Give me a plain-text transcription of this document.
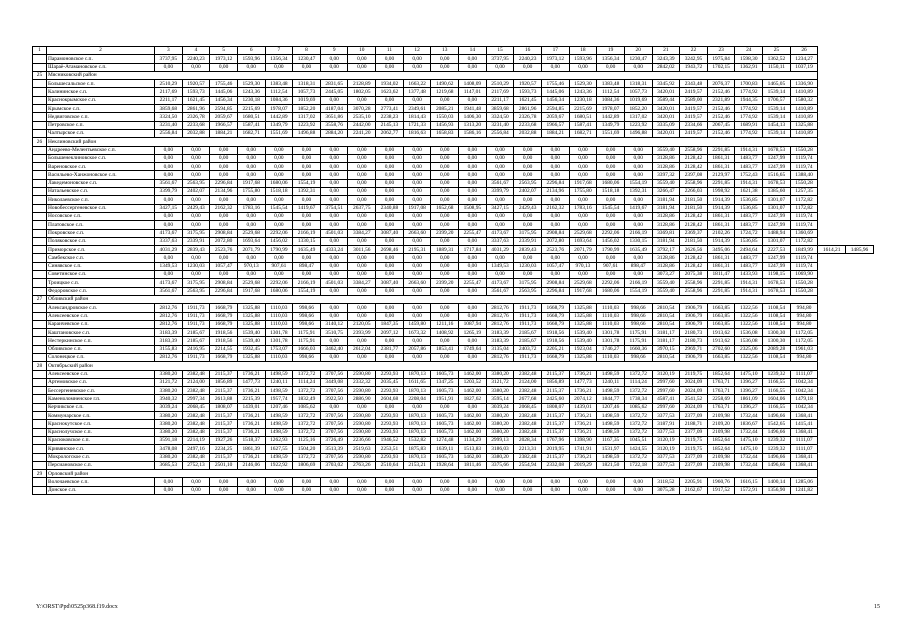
1	2	3	4	5	6	7	8	9	10	11	12	13	14	15	16	17	18	19	20	21	22	23	24	25	26		
	Парамоновское с.п.	3737,95	2240,23	1973,12	1593,96	1356,34	1230,47	0,00	0,00	0,00	0,00	0,00	0,00	3737,95	2240,23	1973,12	1593,96	1356,34	1230,47	3243,39	3242,95	1975,84	1598,30	1362,52	1234,27		
	Шараё-Атамановское с.п.	0,00	0,00	0,00	0,00	0,00	0,00	0,00	0,00	0,00	0,00	0,00	0,00	0,00	0,00	0,00	0,00	0,00	0,00	2842,02	1943,72	1702,15	1362,91	1150,11	1037,19		
25	Мясниковский район																										
	Большесальское с.п.	2510,29	1920,57	1755,46	1529,30	1383,48	1318,31	2831,65	2128,89	1934,02	1663,22	1490,62	1408,09	2510,29	1920,57	1755,46	1529,30	1383,48	1318,31	3345,92	2343,48	2076,37	1700,83	1465,05	1336,90		
	Калининское с.п.	2117,69	1593,73	1445,06	1243,36	1112,54	1057,73	2445,05	1802,05	1623,62	1377,48	1219,68	1147,01	2117,69	1593,73	1445,06	1243,36	1112,54	1057,73	3420,01	2419,57	2152,46	1774,92	1539,14	1410,89		
	Краснокрымское с.п.	2211,17	1621,45	1456,34	1230,18	1084,36	1019,69	0,00	0,00	0,00	0,00	0,00	0,00	2211,17	1621,45	1456,34	1230,18	1084,36	1019,69	3589,44	2589,00	2321,89	1944,35	1706,57	1580,32		
	Крымское с.п.	3859,68	2861,96	2594,85	2215,69	1978,07	1852,20	4187,04	3070,28	2773,41	2349,61	2085,21	1941,48	3859,68	2861,96	2594,85	2215,69	1978,07	1852,20	3420,01	2419,57	2152,46	1774,92	1539,14	1410,89		
	Недвиговское с.п.	3324,50	2326,78	2059,67	1680,51	1442,89	1317,02	3651,86	2535,10	2238,23	1814,43	1550,03	1406,30	3324,50	2326,78	2059,67	1680,51	1442,89	1317,02	3420,01	2419,57	2152,46	1774,92	1539,14	1410,89		
	Петровское с.п.	3231,40	2233,68	1966,57	1587,41	1349,79	1223,92	3558,76	2442,00	2145,13	1721,33	1456,93	1313,20	3231,40	2233,68	1966,57	1587,41	1349,79	1223,92	3335,09	2334,66	2067,45	1689,91	1454,13	1325,88		
	Чалтырское с.п.	2556,84	2032,88	1884,21	1682,71	1551,69	1496,88	2884,20	2241,20	2062,77	1816,63	1658,83	1586,16	2556,84	2032,88	1884,21	1682,71	1551,69	1496,88	3420,01	2419,57	2152,46	1774,92	1539,14	1410,89		
26	Неклиновский район																										
	Андреево-Мелентьевское с.п.	0,00	0,00	0,00	0,00	0,00	0,00	0,00	0,00	0,00	0,00	0,00	0,00	0,00	0,00	0,00	0,00	0,00	0,00	3559,40	2558,96	2291,85	1914,31	1678,53	1550,28		
	Большенеклиновское с.п.	0,00	0,00	0,00	0,00	0,00	0,00	0,00	0,00	0,00	0,00	0,00	0,00	0,00	0,00	0,00	0,00	0,00	0,00	3128,86	2128,42	1861,31	1483,77	1247,99	1119,74		
	Вареновское с.п.	0,00	0,00	0,00	0,00	0,00	0,00	0,00	0,00	0,00	0,00	0,00	0,00	0,00	0,00	0,00	0,00	0,00	0,00	3128,86	2128,42	1861,31	1483,77	1247,99	1119,74		
	Васильево-Ханжоновское с.п.	0,00	0,00	0,00	0,00	0,00	0,00	0,00	0,00	0,00	0,00	0,00	0,00	0,00	0,00	0,00	0,00	0,00	0,00	3397,32	2397,08	2129,97	1752,43	1516,65	1388,40		
	Лакедемоновское с.п.	3561,67	2563,95	2296,84	1917,68	1680,06	1554,19	0,00	0,00	0,00	0,00	0,00	0,00	3561,67	2563,95	2296,84	1917,68	1680,06	1554,19	3559,40	2558,96	2291,85	1914,31	1678,53	1550,28		
	Натальевское с.п.	3399,79	2402,07	2134,96	1755,80	1518,18	1392,31	0,00	0,00	0,00	0,00	0,00	0,00	3399,79	2402,07	2134,96	1755,80	1518,18	1392,31	3266,47	2266,03	1998,92	1621,38	1385,60	1257,35		
	Николаевское с.п.	0,00	0,00	0,00	0,00	0,00	0,00	0,00	0,00	0,00	0,00	0,00	0,00	0,00	0,00	0,00	0,00	0,00	0,00	3181,94	2181,50	1914,39	1536,85	1301,07	1172,82		
	Новобессергеневское с.п.	3427,15	2429,43	2162,32	1783,16	1545,54	1419,67	3754,51	2637,75	2340,88	1917,08	1652,68	1508,95	3427,15	2429,43	2162,32	1783,16	1545,54	1419,67	3181,94	2181,50	1914,39	1536,85	1301,07	1172,82		
	Носовское с.п.	0,00	0,00	0,00	0,00	0,00	0,00	0,00	0,00	0,00	0,00	0,00	0,00	0,00	0,00	0,00	0,00	0,00	0,00	3128,86	2128,42	1861,31	1483,77	1247,99	1119,74		
	Платовское с.п.	0,00	0,00	0,00	0,00	0,00	0,00	0,00	0,00	0,00	0,00	0,00	0,00	0,00	0,00	0,00	0,00	0,00	0,00	3128,86	2128,42	1861,31	1483,77	1247,99	1119,74		
	Покровское с.п.	4173,67	3175,95	2908,84	2529,68	2292,06	2166,19	4501,03	3384,27	3087,40	2663,60	2399,20	2255,47	4173,67	3175,95	2908,84	2529,68	2292,06	2166,19	3369,81	2369,37	2102,26	1724,72	1488,94	1360,69		
	Поляковское с.п.	3337,63	2339,91	2072,80	1693,64	1456,02	1330,15	0,00	0,00	0,00	0,00	0,00	0,00	3337,63	2339,91	2072,80	1693,64	1456,02	1330,15	3181,94	2181,50	1914,39	1536,85	1301,07	1172,82		
	Приморское с.п.	4031,29	2839,43	2523,76	2071,79	1790,99	1635,49	4333,24	3011,56	2698,46	2195,31	1889,31	1717,84	4031,29	2839,43	2523,76	2071,79	1790,99	1635,49	3792,17	2626,56	3495,06	2494,64	2227,53	1849,99	1614,21	1485,96
	Самбекское с.п.	0,00	0,00	0,00	0,00	0,00	0,00	0,00	0,00	0,00	0,00	0,00	0,00	0,00	0,00	0,00	0,00	0,00	0,00	3128,86	2128,42	1861,31	1483,77	1247,99	1119,74		
	Синявское с.п.	1349,53	1230,03	1057,47	970,13	907,61	898,47	0,00	0,00	0,00	0,00	0,00	0,00	1349,53	1230,03	1057,47	970,13	907,61	898,47	3128,86	2128,42	1861,31	1483,77	1247,99	1119,74		
	Советинское с.п.	0,00	0,00	0,00	0,00	0,00	0,00	0,00	0,00	0,00	0,00	0,00	0,00	0,00	0,00	0,00	0,00	0,00	0,00	3073,27	2075,38	1811,47	1433,93	1198,15	1069,90		
	Троицкое с.п.	4173,67	3175,95	2908,84	2529,68	2292,06	2166,19	4501,03	3384,27	3087,40	2663,60	2399,20	2255,47	4173,67	3175,95	2908,84	2529,68	2292,06	2166,19	3559,40	2558,96	2291,85	1914,31	1678,53	1550,28		
	Федоровское с.п.	3561,67	2563,95	2296,84	1917,68	1680,06	1554,19	0,00	0,00	0,00	0,00	0,00	0,00	3561,67	2563,95	2296,84	1917,68	1680,06	1554,19	3559,40	2558,96	2291,85	1914,31	1678,53	1550,28		
27	Обливский район																										
	Александровское с.п.	2812,76	1911,73	1668,79	1325,88	1110,03	998,66	0,00	0,00	0,00	0,00	0,00	0,00	2812,76	1911,73	1668,79	1325,88	1110,03	998,66	2810,54	1906,79	1663,85	1322,56	1108,54	994,80		
	Алексеевское с.п.	2812,76	1911,73	1668,79	1325,88	1110,03	998,66	0,00	0,00	0,00	0,00	0,00	0,00	2812,76	1911,73	1668,79	1325,88	1110,03	998,66	2810,54	1906,79	1663,85	1322,56	1108,54	994,80		
	Караичевское с.п.	2812,76	1911,73	1668,79	1325,88	1110,03	998,66	3140,12	2120,05	1847,35	1459,80	1211,16	1087,94	2812,76	1911,73	1668,79	1325,88	1110,03	998,66	2810,54	1906,79	1663,85	1322,56	1108,54	994,80		
	Каштановское с.п.	3183,39	2185,67	1918,56	1539,40	1301,78	1175,91	3510,75	2393,99	2097,12	1673,32	1408,92	1265,19	3183,39	2185,67	1918,56	1539,40	1301,78	1175,91	3181,17	2180,73	1913,62	1536,08	1300,30	1172,05		
	Нестеркинское с.п.	3183,39	2185,67	1918,56	1539,40	1301,78	1175,91	0,00	0,00	0,00	0,00	0,00	0,00	3183,39	2185,67	1918,56	1539,40	1301,78	1175,91	3181,17	2180,73	1913,62	1536,08	1300,30	1172,05		
	Обливское с.п.	3155,83	2416,95	2214,55	1932,45	1753,07	1666,03	3462,40	2612,04	2381,77	2057,86	1853,41	1749,64	3135,04	2403,72	2205,21	1923,04	1746,27	1660,36	3970,15	2969,71	2702,60	2325,06	2089,28	1961,03		
	Солонецкое с.п.	2812,76	1911,73	1668,79	1325,88	1110,03	998,66	0,00	0,00	0,00	0,00	0,00	0,00	2812,76	1911,73	1668,79	1325,88	1110,03	998,66	2810,54	1906,79	1663,85	1322,56	1108,54	994,80		
28	Октябрьский район																										
	Алексеевское с.п.	3380,20	2382,48	2115,37	1736,21	1498,59	1372,72	3707,56	2590,80	2293,93	1870,13	1605,73	1462,00	3380,20	2382,48	2115,37	1736,21	1498,59	1372,72	3120,19	2119,75	1852,64	1475,10	1239,32	1111,07		
	Артемовское с.п.	3121,72	2124,00	1856,89	1477,73	1240,11	1114,24	3449,08	2332,32	2035,45	1611,65	1347,25	1203,52	3121,72	2124,00	1856,89	1477,73	1240,11	1114,24	2997,60	2024,09	1763,71	1396,27	1166,55	1042,34		
	Бессергеневское с.п.	3380,20	2382,48	2115,37	1736,21	1498,59	1372,72	3707,56	2590,80	2293,93	1870,13	1605,73	1462,00	3380,20	2382,48	2115,37	1736,21	1498,59	1372,72	2997,60	2024,09	1763,71	1396,27	1166,55	1042,34		
	Каменоломненское г.п.	3940,32	2997,34	2613,88	2215,39	1957,74	1832,49	3922,50	2886,90	2604,68	2208,04	1951,91	1827,62	3595,14	2677,68	2425,60	2074,12	1844,77	1738,34	4587,41	2541,52	2258,69	1861,09	1604,06	1479,18		
	Керчикское с.п.	3039,24	2068,45	1808,07	1439,01	1207,46	1085,62	0,00	0,00	0,00	0,00	0,00	0,00	3039,24	2068,45	1808,07	1439,01	1207,46	1085,62	2997,60	2024,09	1763,71	1396,27	1166,55	1042,34		
	Коммунарское с.п.	3380,20	2382,48	2115,37	1736,21	1498,59	1372,72	3707,56	2590,80	2293,93	1870,13	1605,73	1462,00	3380,20	2382,48	2115,37	1736,21	1498,59	1372,72	3377,53	2377,09	2109,98	1732,44	1496,66	1368,41		
	Краснокутское с.п.	3380,20	2382,48	2115,37	1736,21	1498,59	1372,72	3707,56	2590,80	2293,93	1870,13	1605,73	1462,00	3380,20	2382,48	2115,37	1736,21	1498,59	1372,72	3187,91	2188,71	2109,20	1836,67	1542,65	1415,41		
	Краснолучское с.п.	3380,20	2382,48	2115,37	1736,21	1498,59	1372,72	3707,56	2590,80	2293,93	1870,13	1605,73	1462,00	3380,20	2382,48	2115,37	1736,21	1498,59	1372,72	3377,53	2377,09	2109,98	1732,44	1496,66	1368,41		
	Красюковское с.п.	3591,18	2214,19	1927,26	1518,37	1262,93	1125,16	3726,49	2236,66	1946,52	1532,82	1274,48	1134,29	2999,13	2028,34	1767,96	1398,90	1167,35	1045,51	3120,19	2119,75	1852,64	1475,10	1239,32	1111,07		
	Кривянское с.п.	3478,08	2497,16	2234,25	1861,39	1627,55	1504,20	3513,39	2519,63	2253,51	1875,83	1639,11	1513,83	3186,03	2213,31	2019,95	1741,91	1531,97	1424,55	3120,19	2119,75	1852,64	1475,10	1239,32	1111,07		
	Мокрологское с.п.	3380,20	2382,48	2115,37	1736,21	1498,59	1372,72	3707,56	2590,80	2293,93	1870,13	1605,73	1462,00	3380,20	2382,48	2115,37	1736,21	1498,59	1372,72	3377,53	2377,09	2109,98	1732,44	1496,66	1368,41		
	Персиановское с.п.	3685,53	2752,13	2501,10	2146,06	1922,92	1806,69	3703,02	2763,26	2510,64	2153,21	1928,64	1811,46	3375,66	2554,94	2332,08	2019,29	1821,50	1722,18	3377,53	2377,09	2109,98	1732,44	1496,66	1368,41		
29	Орловский район																										
	Волочаевское с.п.	0,00	0,00	0,00	0,00	0,00	0,00	0,00	0,00	0,00	0,00	0,00	0,00	0,00	0,00	0,00	0,00	0,00	0,00	3118,52	2205,91	1960,76	1616,15	1400,14	1285,06		
	Донское с.п.	0,00	0,00	0,00	0,00	0,00	0,00	0,00	0,00	0,00	0,00	0,00	0,00	0,00	0,00	0,00	0,00	0,00	0,00	3075,28	2162,67	1917,52	1572,91	1356,90	1241,82		
Y:\ORST\Ppd\0525p368.f19.docx	15
